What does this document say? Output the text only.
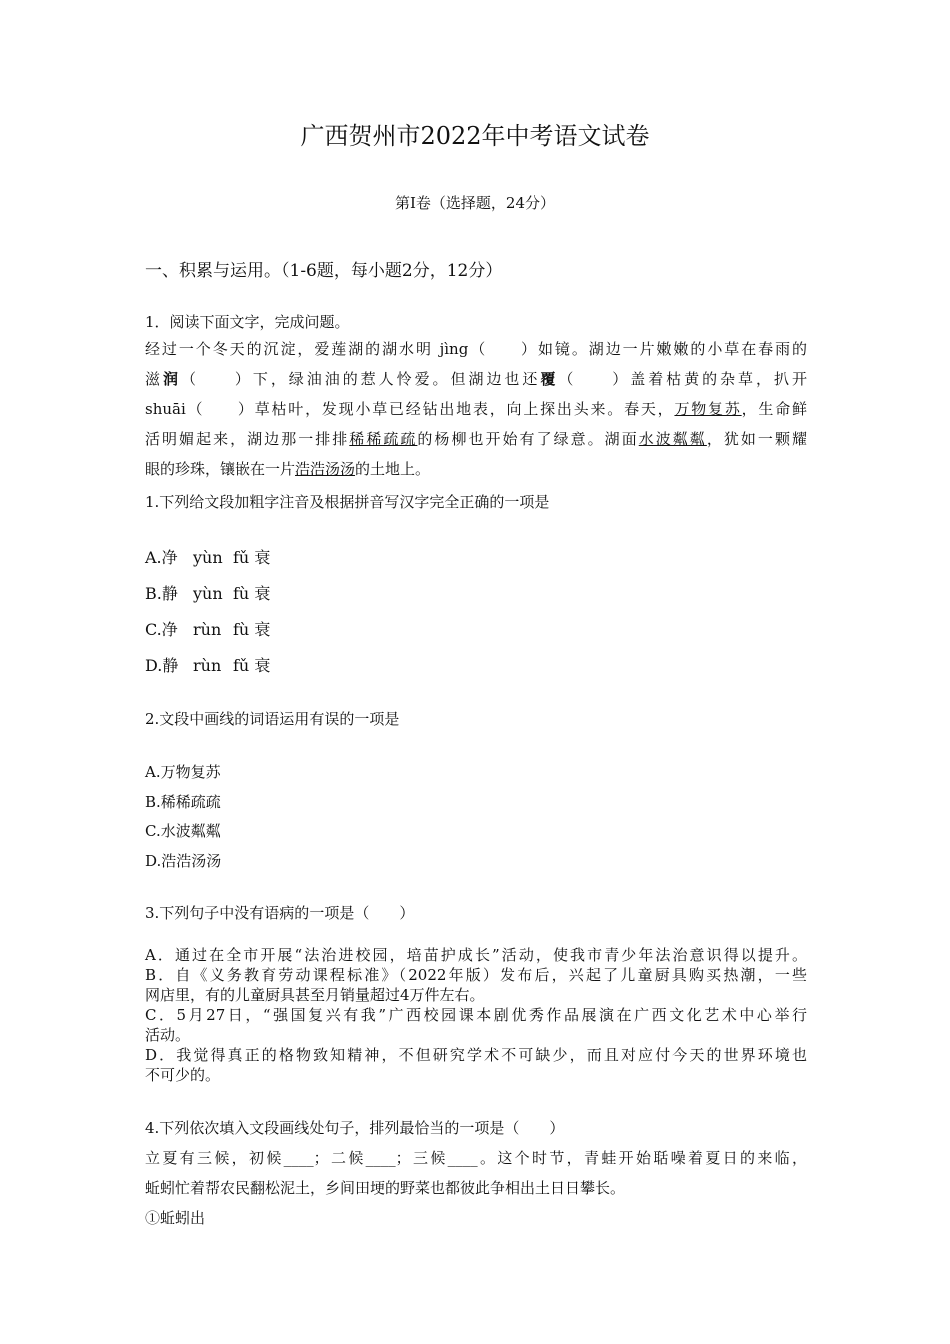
广西贺州市2022年中考语文试卷
第Ⅰ卷（选择题，24分）
一、积累与运用。（1-6题，每小题2分，12分）
1．阅读下面文字，完成问题。
经过一个冬天的沉淀，爱莲湖的湖水明 jìng（　　）如镜。湖边一片嫩嫩的小草在春雨的
滋润（　　）下，绿油油的惹人怜爱。但湖边也还覆（　　）盖着枯黄的杂草，扒开
shuāi（　　）草枯叶，发现小草已经钻出地表，向上探出头来。春天，万物复苏，生命鲜
活明媚起来，湖边那一排排稀稀疏疏的杨柳也开始有了绿意。湖面水波粼粼，犹如一颗耀
眼的珍珠，镶嵌在一片浩浩汤汤的土地上。
1.下列给文段加粗字注音及根据拼音写汉字完全正确的一项是
A.净 yùn fǔ 衰
B.静 yùn fù 衰
C.净 rùn fù 衰
D.静 rùn fǔ 衰
2.文段中画线的词语运用有误的一项是
A.万物复苏
B.稀稀疏疏
C.水波粼粼
D.浩浩汤汤
3.下列句子中没有语病的一项是（　　）
A．通过在全市开展“法治进校园，培苗护成长”活动，使我市青少年法治意识得以提升。
B．自《义务教育劳动课程标准》（2022年版）发布后，兴起了儿童厨具购买热潮，一些
网店里，有的儿童厨具甚至月销量超过4万件左右。
C．5月27日，“强国复兴有我”广西校园课本剧优秀作品展演在广西文化艺术中心举行
活动。
D．我觉得真正的格物致知精神，不但研究学术不可缺少，而且对应付今天的世界环境也
不可少的。
4.下列依次填入文段画线处句子，排列最恰当的一项是（　　）
立夏有三候，初候____；二候____；三候____。这个时节，青蛙开始聒噪着夏日的来临，
蚯蚓忙着帮农民翻松泥土，乡间田埂的野菜也都彼此争相出土日日攀长。
①蚯蚓出
